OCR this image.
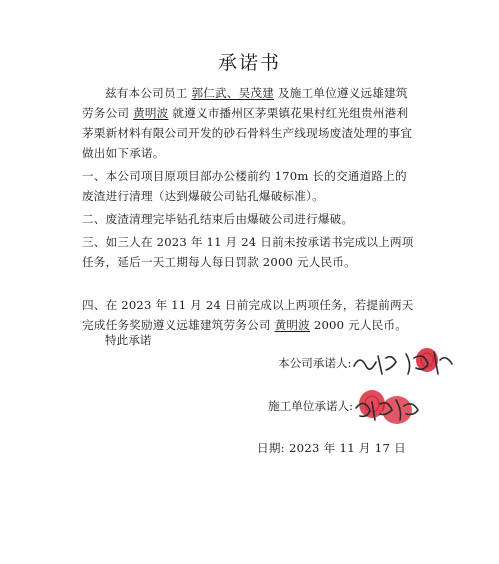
承诺书
兹有本公司员工 郭仁武、吴茂建 及施工单位遵义远雄建筑劳务公司 黄明波 就遵义市播州区茅栗镇花果村红光组贵州港利茅栗新材料有限公司开发的砂石骨料生产线现场废渣处理的事宜做出如下承诺。
一、本公司项目原项目部办公楼前约 170m 长的交通道路上的废渣进行清理（达到爆破公司钻孔爆破标准）。
二、废渣清理完毕钻孔结束后由爆破公司进行爆破。
三、如三人在 2023 年 11 月 24 日前未按承诺书完成以上两项任务，延后一天工期每人每日罚款 2000 元人民币。
四、在 2023 年 11 月 24 日前完成以上两项任务，若提前两天完成任务奖励遵义远雄建筑劳务公司 黄明波 2000 元人民币。
特此承诺
本公司承诺人:
施工单位承诺人:
日期: 2023 年 11 月 17 日
